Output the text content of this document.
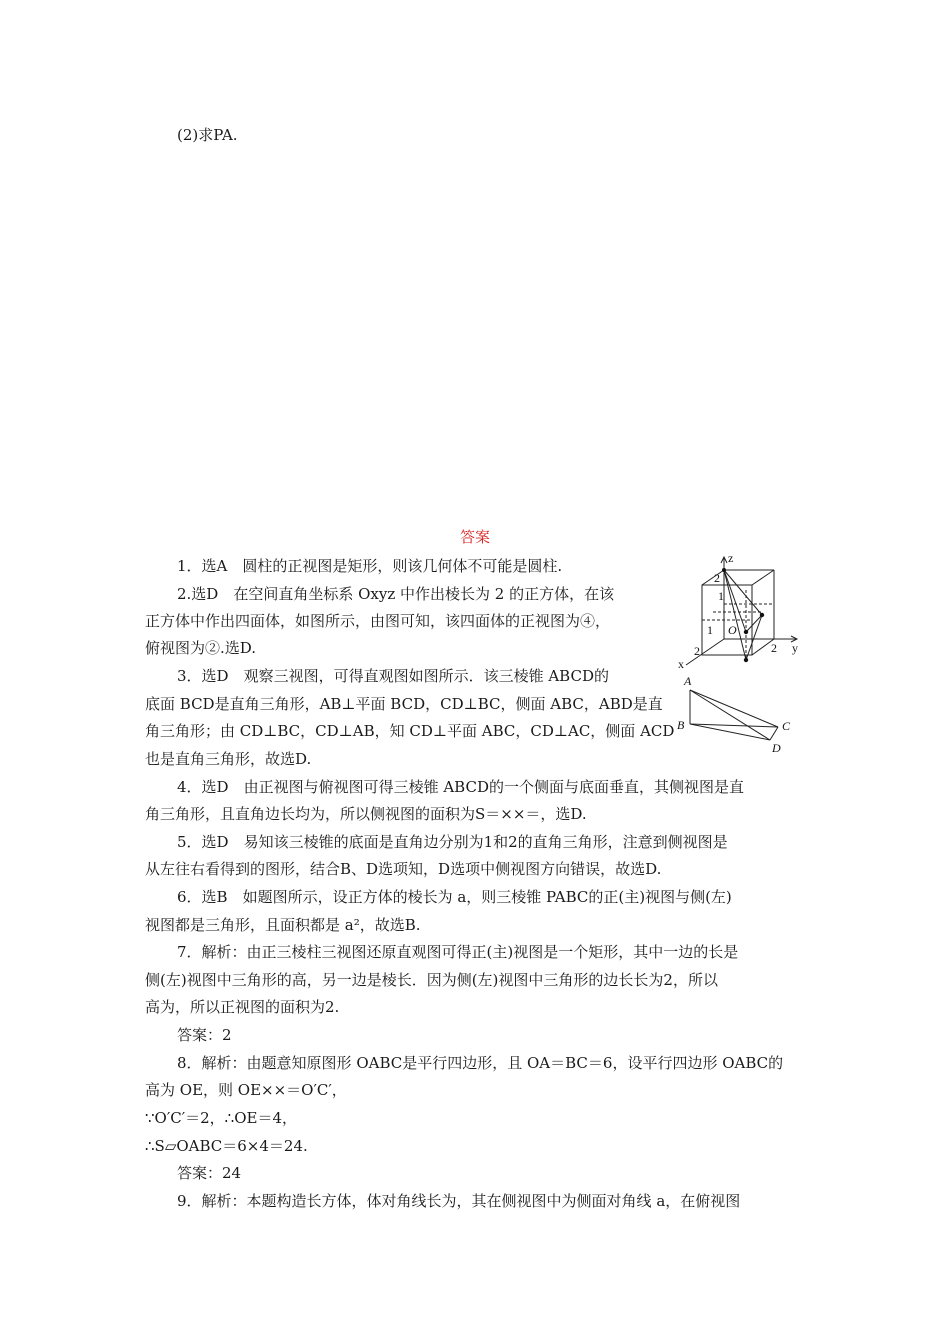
(2)求PA.
答案
1．选A　圆柱的正视图是矩形，则该几何体不可能是圆柱.
2.选D　在空间直角坐标系 Oxyz 中作出棱长为 2 的正方体，在该
正方体中作出四面体，如图所示，由图可知，该四面体的正视图为④，
俯视图为②.选D.
3．选D　观察三视图，可得直观图如图所示．该三棱锥 ABCD的
底面 BCD是直角三角形，AB⊥平面 BCD，CD⊥BC，侧面 ABC，ABD是直
角三角形；由 CD⊥BC，CD⊥AB，知 CD⊥平面 ABC，CD⊥AC，侧面 ACD
也是直角三角形，故选D.
4．选D　由正视图与俯视图可得三棱锥 ABCD的一个侧面与底面垂直，其侧视图是直
角三角形，且直角边长均为，所以侧视图的面积为S＝××＝，选D.
5．选D　易知该三棱锥的底面是直角边分别为1和2的直角三角形，注意到侧视图是
从左往右看得到的图形，结合B、D选项知，D选项中侧视图方向错误，故选D.
6．选B　如题图所示，设正方体的棱长为 a，则三棱锥 PABC的正(主)视图与侧(左)
视图都是三角形，且面积都是 a²，故选B.
7．解析：由正三棱柱三视图还原直观图可得正(主)视图是一个矩形，其中一边的长是
侧(左)视图中三角形的高，另一边是棱长．因为侧(左)视图中三角形的边长长为2，所以
高为，所以正视图的面积为2.
答案：2
8．解析：由题意知原图形 OABC是平行四边形，且 OA＝BC＝6，设平行四边形 OABC的
高为 OE，则 OE××＝O′C′，
∵O′C′＝2，∴OE＝4，
∴S▱OABC＝6×4＝24.
答案：24
9．解析：本题构造长方体，体对角线长为，其在侧视图中为侧面对角线 a，在俯视图
z
y
x
2
2
2
1
1 O
A
B	C
D
